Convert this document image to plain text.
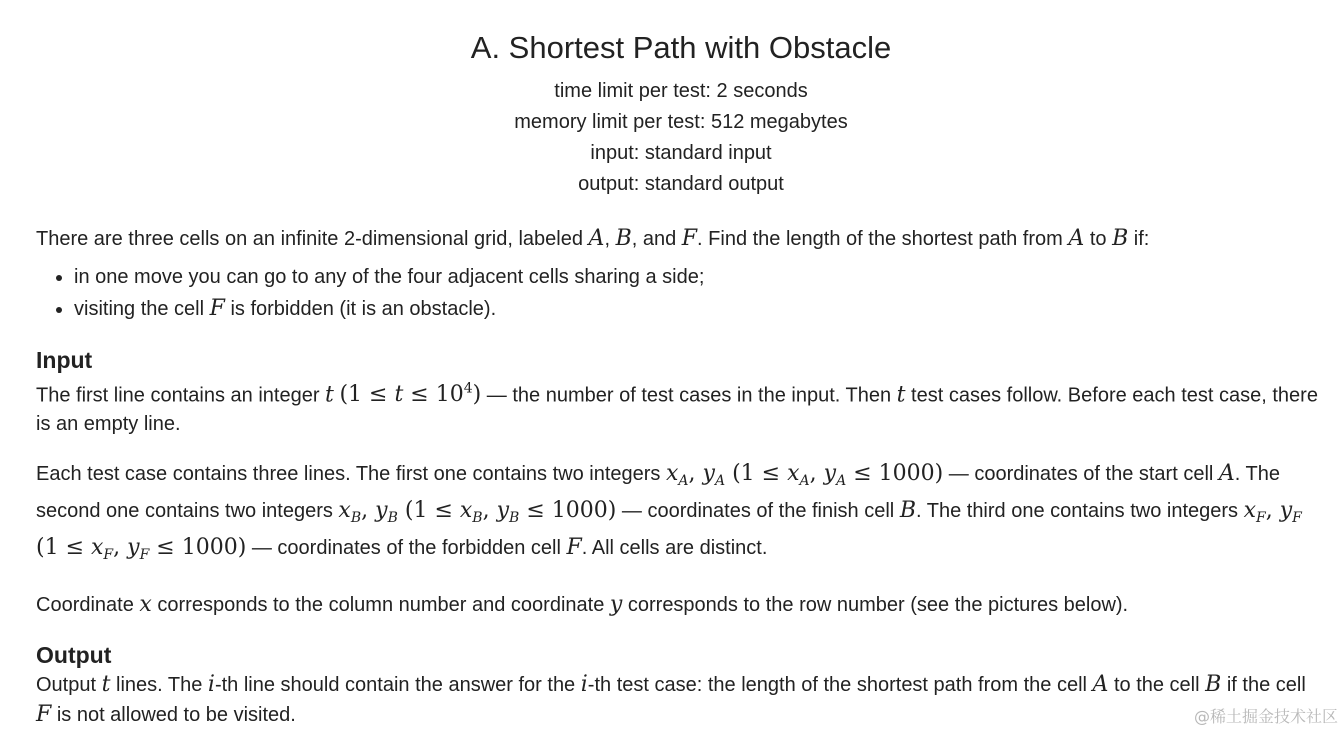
A. Shortest Path with Obstacle
time limit per test: 2 seconds
memory limit per test: 512 megabytes
input: standard input
output: standard output

There are three cells on an infinite 2-dimensional grid, labeled A, B, and F. Find the length of the shortest path from A to B if:

• in one move you can go to any of the four adjacent cells sharing a side;
• visiting the cell F is forbidden (it is an obstacle).
Input

The first line contains an integer t $(1 \le t \le 10^4)$ — the number of test cases in the input. Then t test cases follow. Before each test case, there is an empty line.

Each test case contains three lines. The first one contains two integers $x_A$, $y_A$ ($1 \le x_A$, $y_A \le 1000$) — coordinates of the start cell A. The second one contains two integers $x_B$, $y_B$ ($1 \le x_B$, $y_B \le 1000$) — coordinates of the finish cell B. The third one contains two integers $x_F$, $y_F$ ($1 \le x_F$, $y_F \le 1000$) — coordinates of the forbidden cell F. All cells are distinct.

Coordinate x corresponds to the column number and coordinate y corresponds to the row number (see the pictures below).

Output

Output t lines. The i-th line should contain the answer for the i-th test case: the length of the shortest path from the cell A to the cell B if the cell F is not allowed to be visited.	@稀土掘金技术社区
